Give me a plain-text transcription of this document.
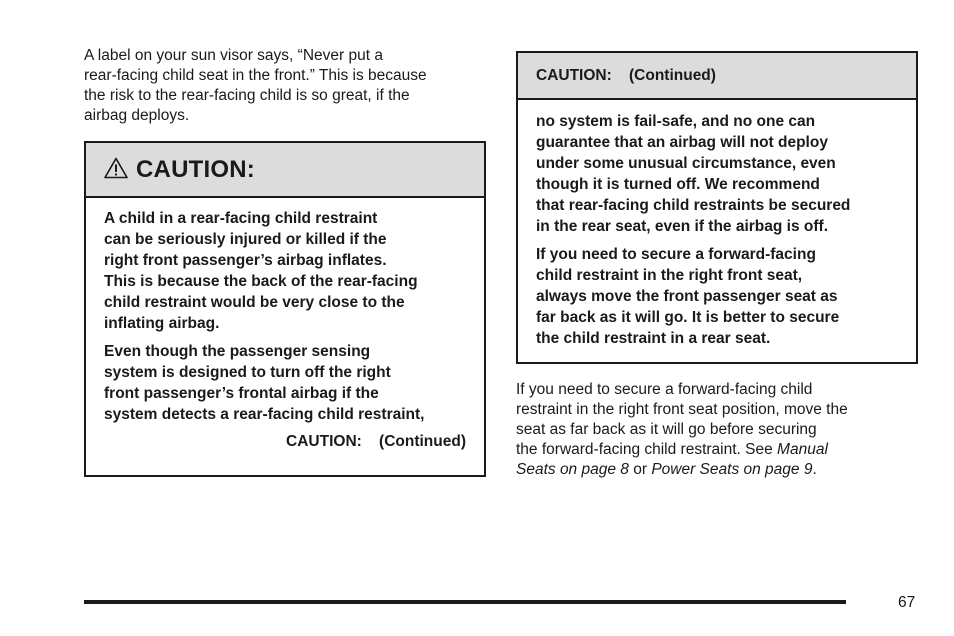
A label on your sun visor says, “Never put a
rear-facing child seat in the front.” This is because
the risk to the rear-facing child is so great, if the
airbag deploys.

CAUTION:

A child in a rear-facing child restraint
can be seriously injured or killed if the
right front passenger’s airbag inflates.
This is because the back of the rear-facing
child restraint would be very close to the
inflating airbag.

Even though the passenger sensing
system is designed to turn off the right
front passenger’s frontal airbag if the
system detects a rear-facing child restraint,

CAUTION:    (Continued)
CAUTION:    (Continued)

no system is fail-safe, and no one can
guarantee that an airbag will not deploy
under some unusual circumstance, even
though it is turned off. We recommend
that rear-facing child restraints be secured
in the rear seat, even if the airbag is off.

If you need to secure a forward-facing
child restraint in the right front seat,
always move the front passenger seat as
far back as it will go. It is better to secure
the child restraint in a rear seat.

If you need to secure a forward-facing child
restraint in the right front seat position, move the
seat as far back as it will go before securing
the forward-facing child restraint. See Manual
Seats on page 8 or Power Seats on page 9.

67
